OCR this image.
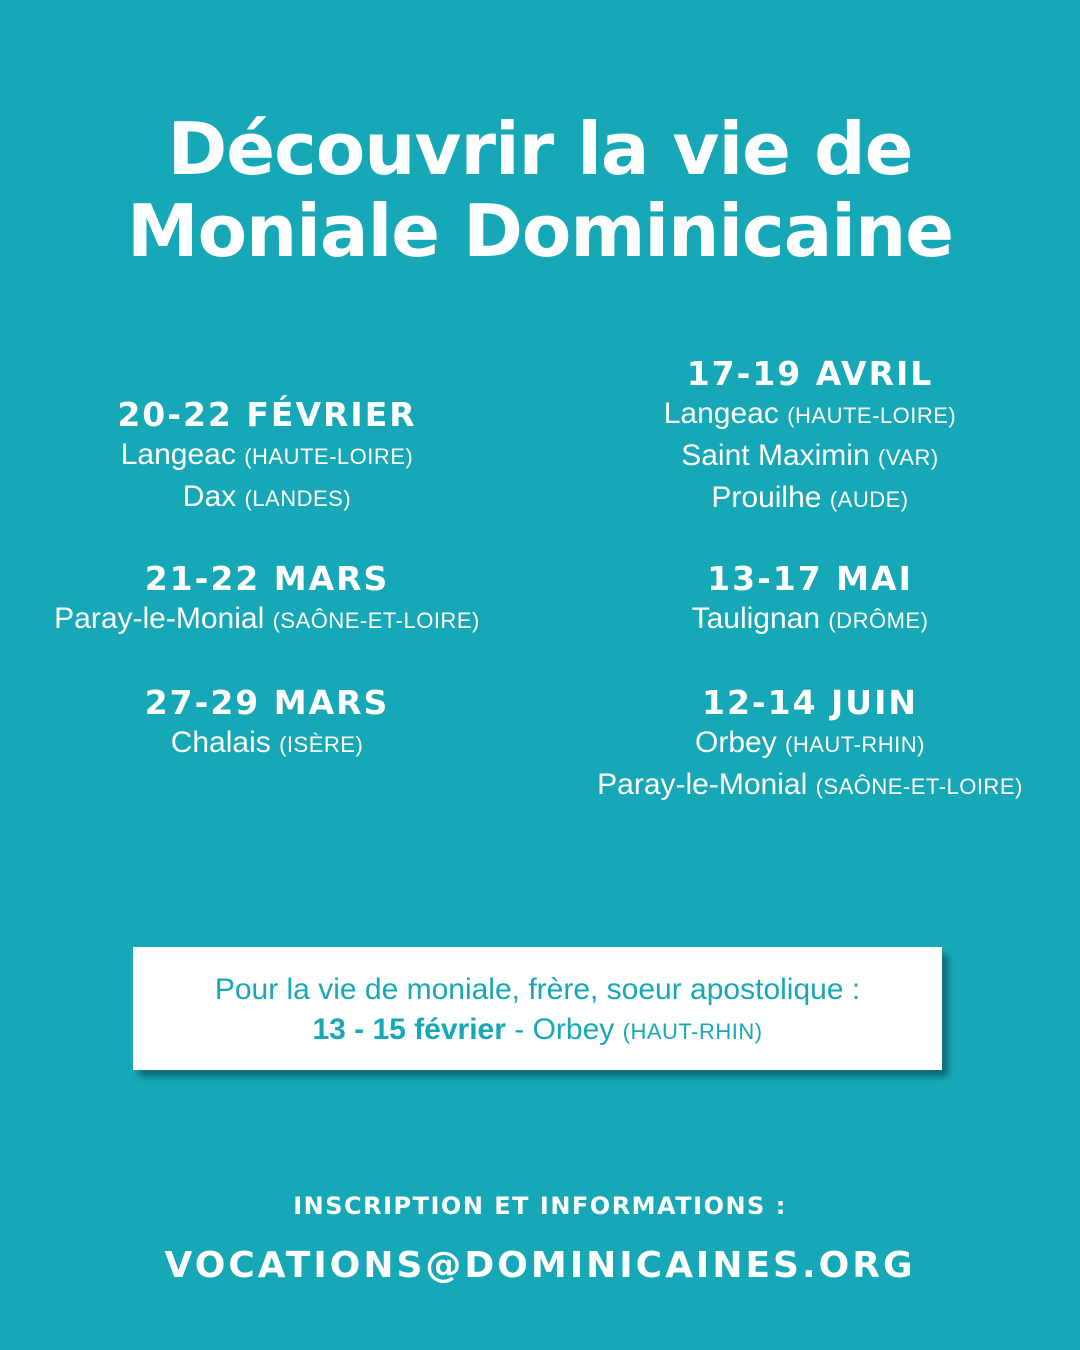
Découvrir la vie de
Moniale Dominicaine
20-22 FÉVRIER
Langeac (HAUTE-LOIRE)
Dax (LANDES)
21-22 MARS
Paray-le-Monial (SAÔNE-ET-LOIRE)
27-29 MARS
Chalais (ISÈRE)
17-19 AVRIL
Langeac (HAUTE-LOIRE)
Saint Maximin (VAR)
Prouilhe (AUDE)
13-17 MAI
Taulignan (DRÔME)
12-14 JUIN
Orbey (HAUT-RHIN)
Paray-le-Monial (SAÔNE-ET-LOIRE)
Pour la vie de moniale, frère, soeur apostolique :
13 - 15 février - Orbey (HAUT-RHIN)
INSCRIPTION ET INFORMATIONS :
VOCATIONS@DOMINICAINES.ORG
